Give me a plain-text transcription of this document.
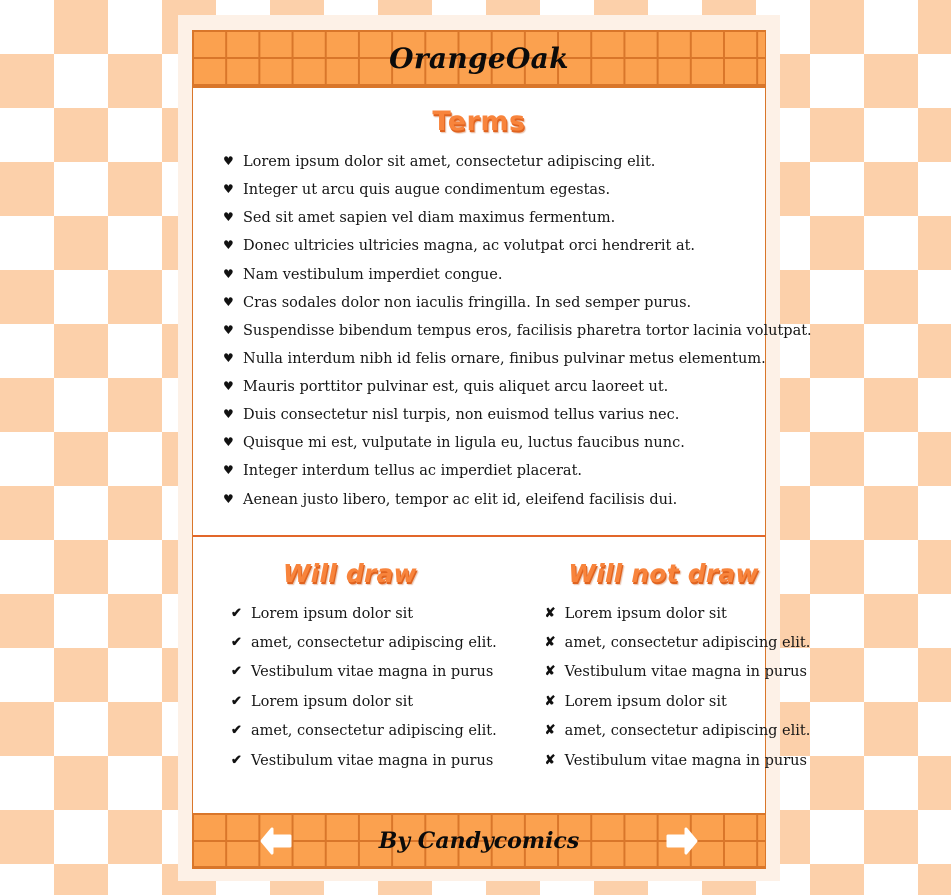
OrangeOak
Terms
♥ Lorem ipsum dolor sit amet, consectetur adipiscing elit.
♥ Integer ut arcu quis augue condimentum egestas.
♥ Sed sit amet sapien vel diam maximus fermentum.
♥ Donec ultricies ultricies magna, ac volutpat orci hendrerit at.
♥ Nam vestibulum imperdiet congue.
♥ Cras sodales dolor non iaculis fringilla. In sed semper purus.
♥ Suspendisse bibendum tempus eros, facilisis pharetra tortor lacinia volutpat.
♥ Nulla interdum nibh id felis ornare, finibus pulvinar metus elementum.
♥ Mauris porttitor pulvinar est, quis aliquet arcu laoreet ut.
♥ Duis consectetur nisl turpis, non euismod tellus varius nec.
♥ Quisque mi est, vulputate in ligula eu, luctus faucibus nunc.
♥ Integer interdum tellus ac imperdiet placerat.
♥ Aenean justo libero, tempor ac elit id, eleifend facilisis dui.
Will draw
✔ Lorem ipsum dolor sit
✔ amet, consectetur adipiscing elit.
✔ Vestibulum vitae magna in purus
✔ Lorem ipsum dolor sit
✔ amet, consectetur adipiscing elit.
✔ Vestibulum vitae magna in purus
Will not draw
✘ Lorem ipsum dolor sit
✘ amet, consectetur adipiscing elit.
✘ Vestibulum vitae magna in purus
✘ Lorem ipsum dolor sit
✘ amet, consectetur adipiscing elit.
✘ Vestibulum vitae magna in purus
By Candycomics
